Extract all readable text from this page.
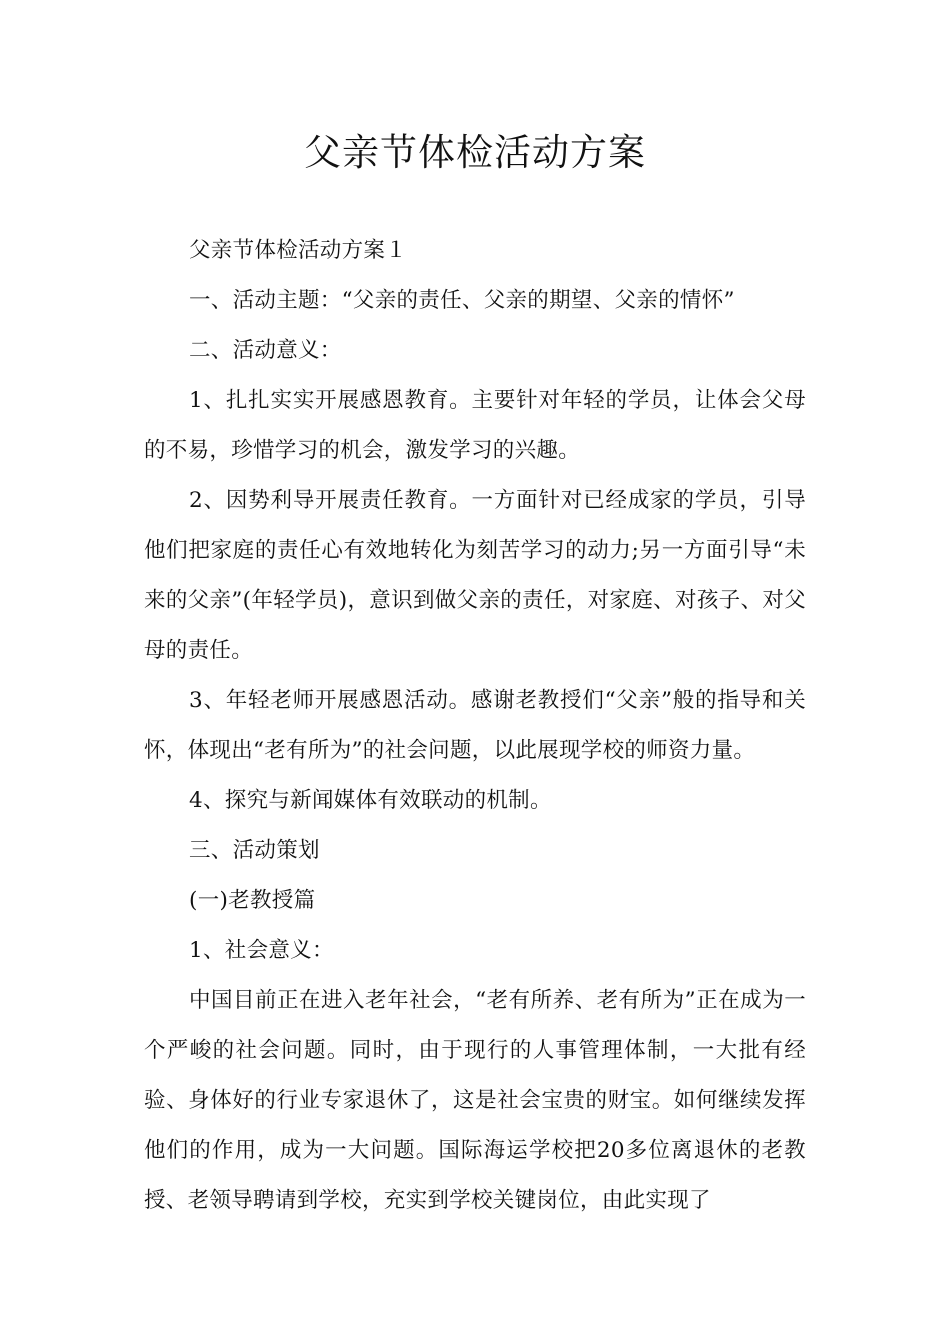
父亲节体检活动方案

父亲节体检活动方案１

一、活动主题：“父亲的责任、父亲的期望、父亲的情怀”

二、活动意义：

1、扎扎实实开展感恩教育。主要针对年轻的学员，让体会父母的不易，珍惜学习的机会，激发学习的兴趣。

2、因势利导开展责任教育。一方面针对已经成家的学员，引导他们把家庭的责任心有效地转化为刻苦学习的动力;另一方面引导“未来的父亲”(年轻学员)，意识到做父亲的责任，对家庭、对孩子、对父母的责任。

3、年轻老师开展感恩活动。感谢老教授们“父亲”般的指导和关怀，体现出“老有所为”的社会问题，以此展现学校的师资力量。

4、探究与新闻媒体有效联动的机制。

三、活动策划

(一)老教授篇

1、社会意义：

中国目前正在进入老年社会，“老有所养、老有所为”正在成为一个严峻的社会问题。同时，由于现行的人事管理体制，一大批有经验、身体好的行业专家退休了，这是社会宝贵的财宝。如何继续发挥他们的作用，成为一大问题。国际海运学校把20多位离退休的老教授、老领导聘请到学校，充实到学校关键岗位，由此实现了
